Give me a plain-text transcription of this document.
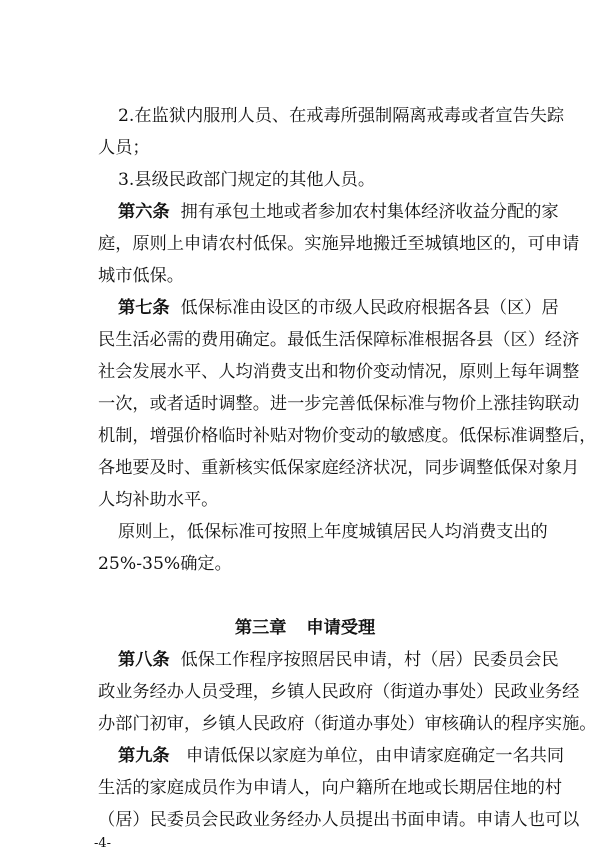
2.在监狱内服刑人员、在戒毒所强制隔离戒毒或者宣告失踪
人员；
3.县级民政部门规定的其他人员。
第六条 拥有承包土地或者参加农村集体经济收益分配的家
庭，原则上申请农村低保。实施异地搬迁至城镇地区的，可申请
城市低保。
第七条 低保标准由设区的市级人民政府根据各县（区）居
民生活必需的费用确定。最低生活保障标准根据各县（区）经济
社会发展水平、人均消费支出和物价变动情况，原则上每年调整
一次，或者适时调整。进一步完善低保标准与物价上涨挂钩联动
机制，增强价格临时补贴对物价变动的敏感度。低保标准调整后，
各地要及时、重新核实低保家庭经济状况，同步调整低保对象月
人均补助水平。
原则上，低保标准可按照上年度城镇居民人均消费支出的
25%-35%确定。
第三章 申请受理
第八条 低保工作程序按照居民申请，村（居）民委员会民
政业务经办人员受理，乡镇人民政府（街道办事处）民政业务经
办部门初审，乡镇人民政府（街道办事处）审核确认的程序实施。
第九条 申请低保以家庭为单位，由申请家庭确定一名共同
生活的家庭成员作为申请人，向户籍所在地或长期居住地的村
（居）民委员会民政业务经办人员提出书面申请。申请人也可以
-4-
